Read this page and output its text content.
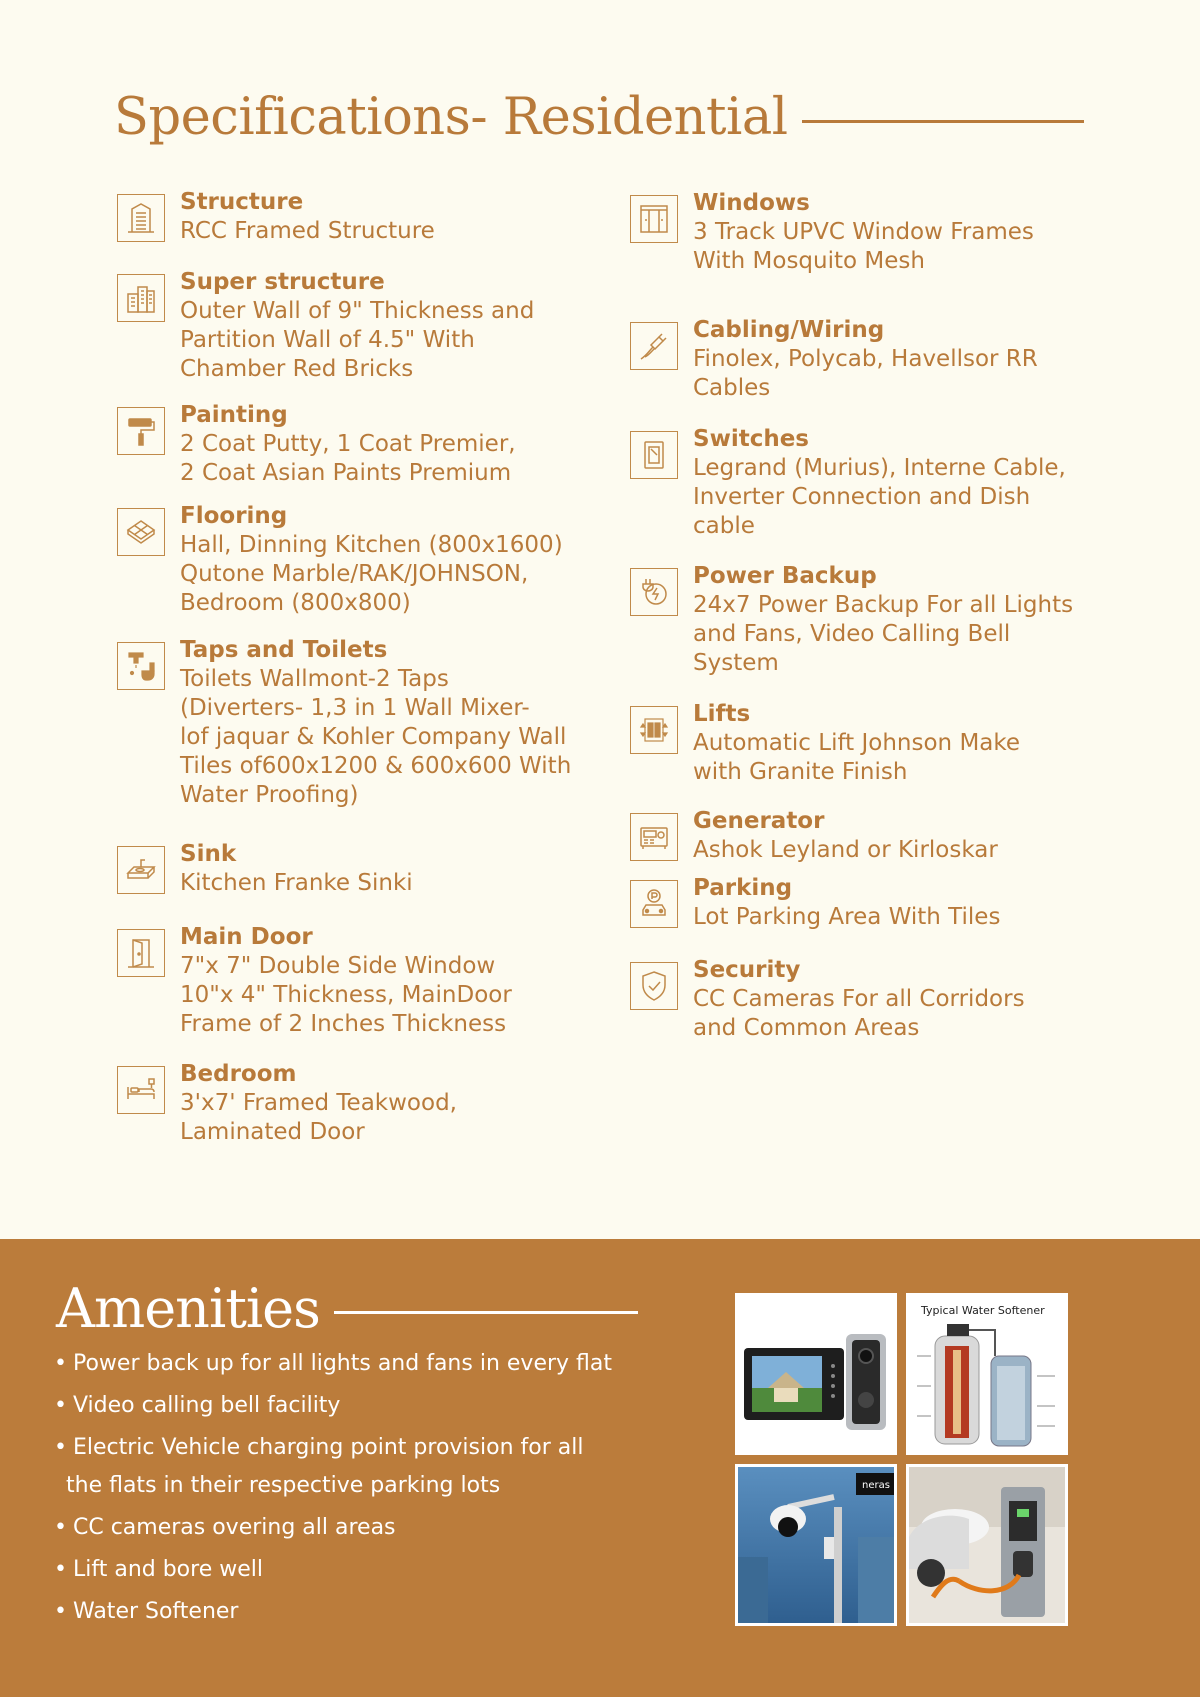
Specifications- Residential
Structure
RCC Framed Structure
Super structure
Outer Wall of 9" Thickness and
Partition Wall of 4.5" With
Chamber Red Bricks
Painting
2 Coat Putty, 1 Coat Premier,
2 Coat Asian Paints Premium
Flooring
Hall, Dinning Kitchen (800x1600)
Qutone Marble/RAK/JOHNSON,
Bedroom (800x800)
Taps and Toilets
Toilets Wallmont-2 Taps
(Diverters- 1,3 in 1 Wall Mixer-
lof jaquar & Kohler Company Wall
Tiles of600x1200 & 600x600 With
Water Proofing)
Sink
Kitchen Franke Sinki
Main Door
7"x 7" Double Side Window
10"x 4" Thickness, MainDoor
Frame of 2 Inches Thickness
Bedroom
3'x7' Framed Teakwood,
Laminated Door
Windows
3 Track UPVC Window Frames
With Mosquito Mesh
Cabling/Wiring
Finolex, Polycab, Havellsor RR
Cables
Switches
Legrand (Murius), Interne Cable,
Inverter Connection and Dish
cable
Power Backup
24x7 Power Backup For all Lights
and Fans, Video Calling Bell
System
Lifts
Automatic Lift Johnson Make
with Granite Finish
Generator
Ashok Leyland or Kirloskar
Parking
Lot Parking Area With Tiles
Security
CC Cameras For all Corridors
and Common Areas
Amenities
• Power back up for all lights and fans in every flat
• Video calling bell facility
• Electric Vehicle charging point provision for all
the flats in their respective parking lots
• CC cameras overing all areas
• Lift and bore well
• Water Softener
Typical Water Softener
neras
